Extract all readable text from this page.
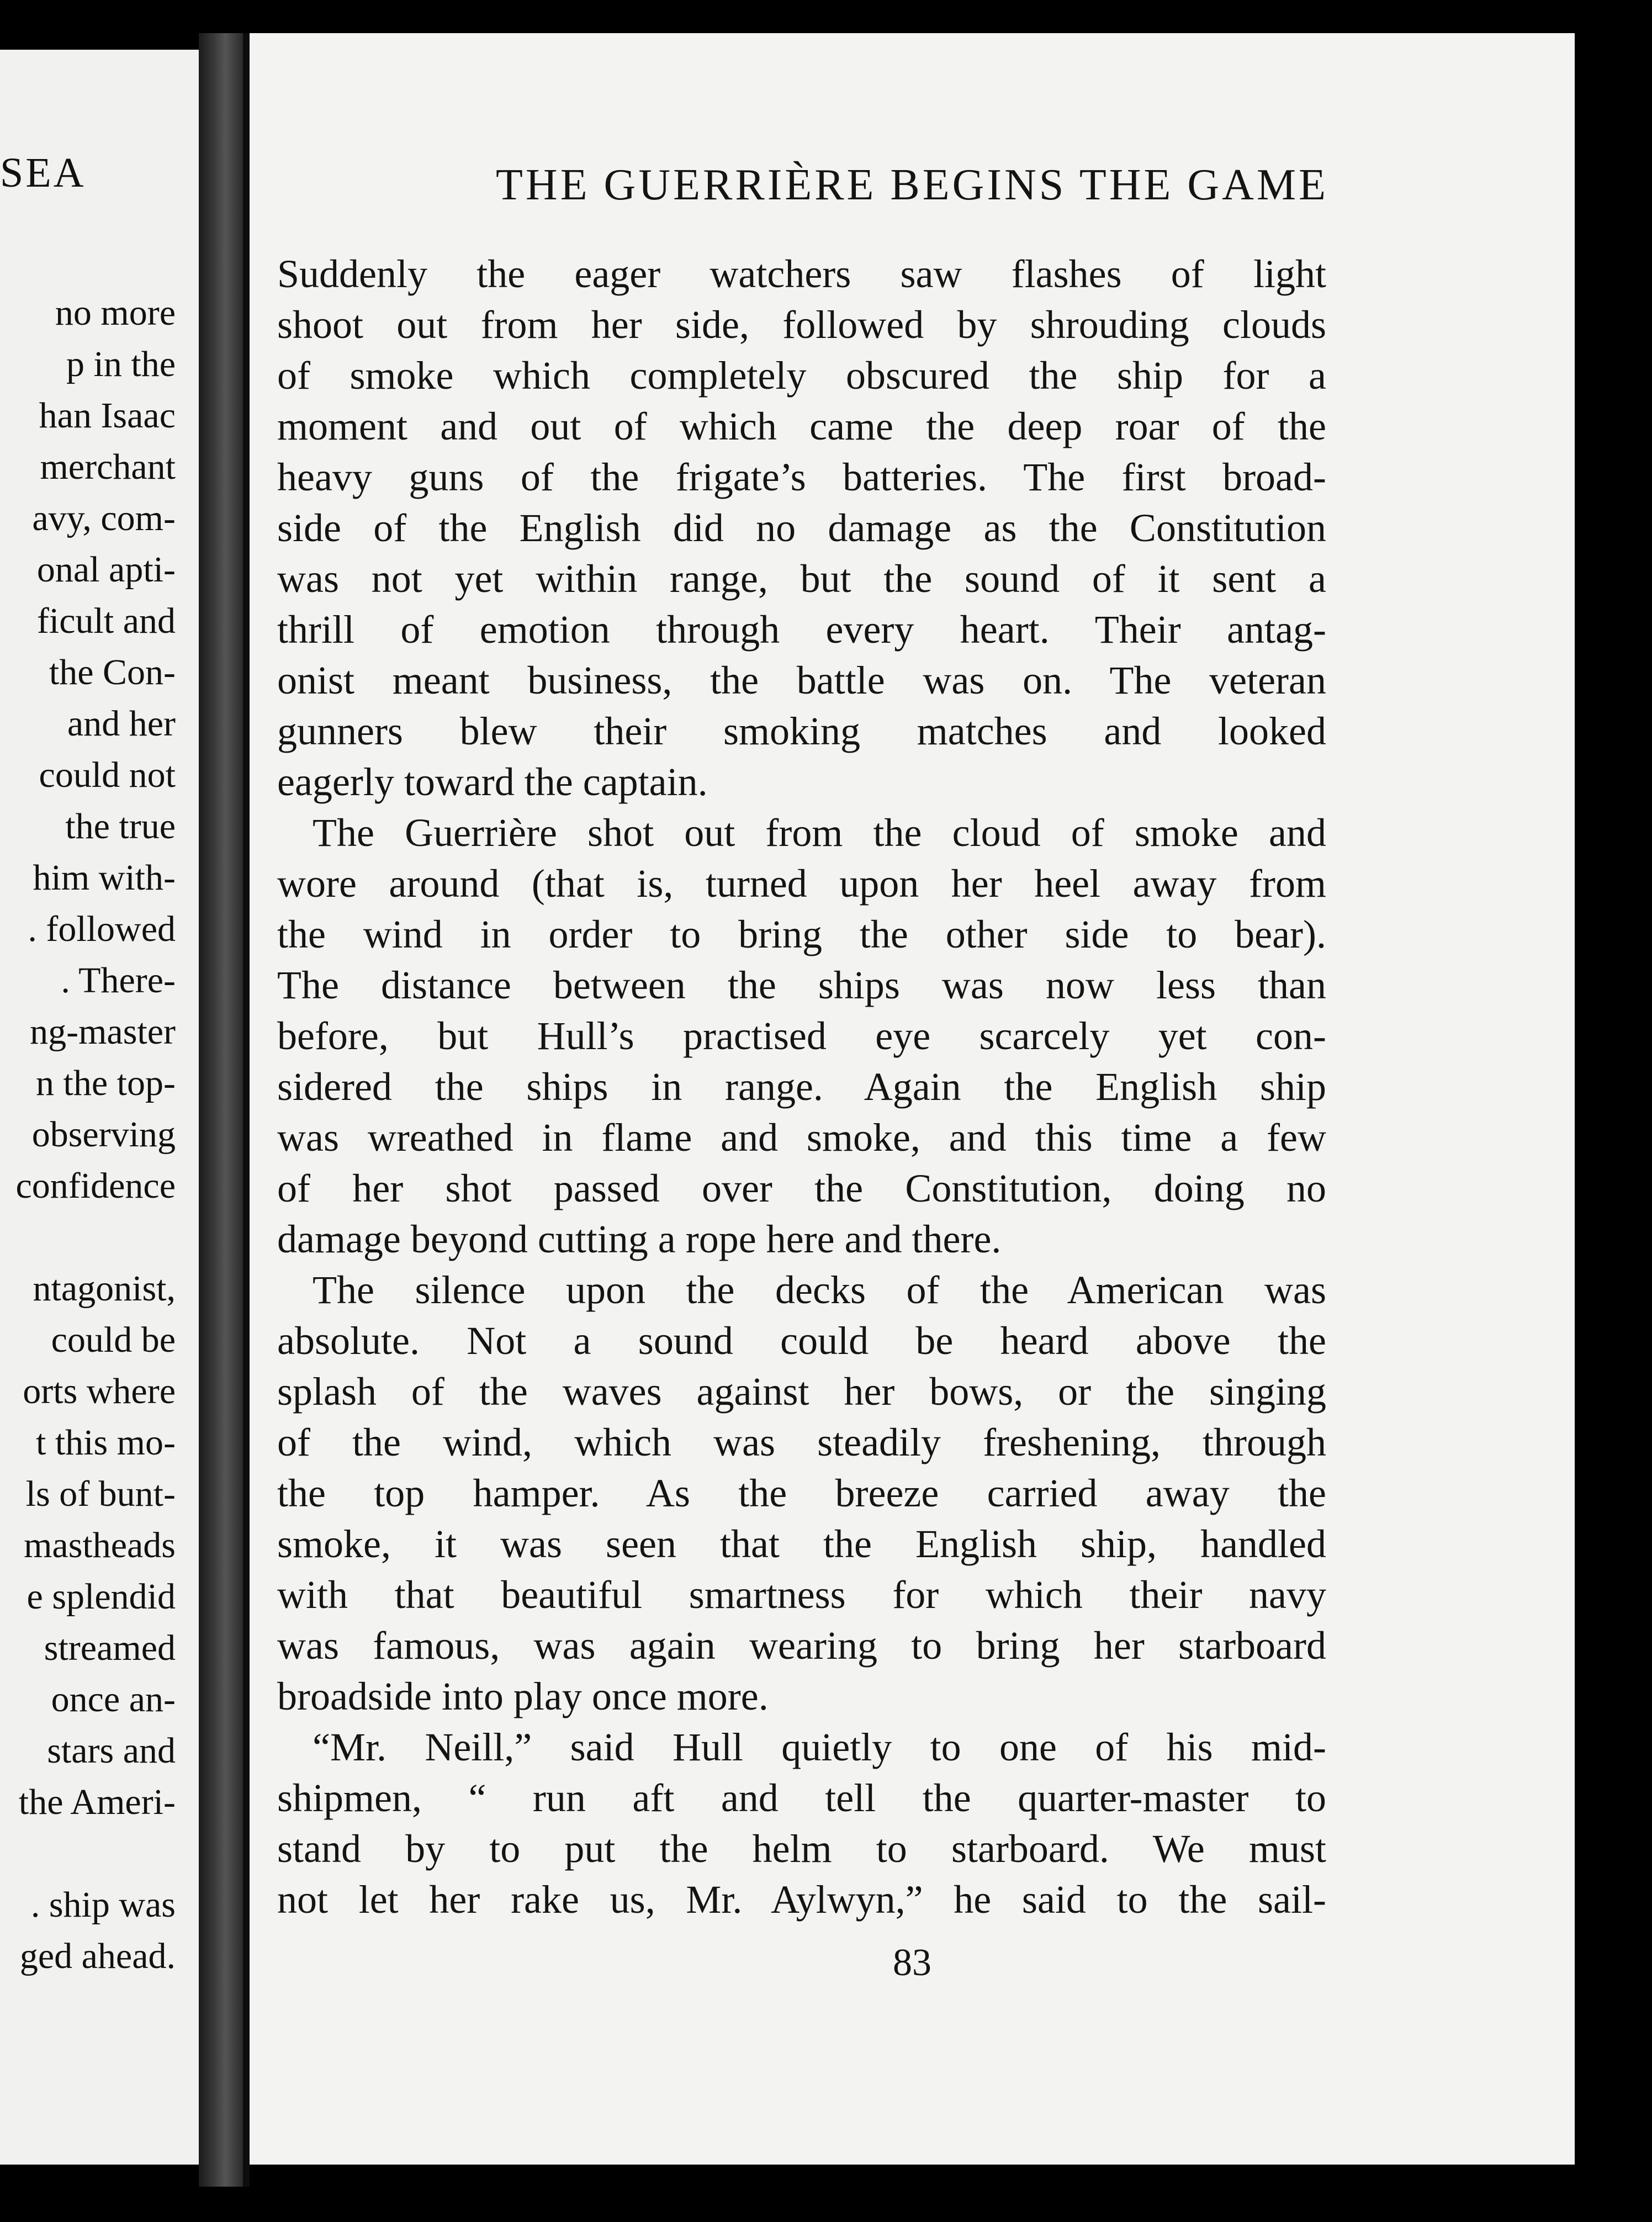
SEA
no more
p in the
han Isaac
merchant
avy, com-
onal apti-
ficult and
the Con-
and her
could not
the true
him with-
. followed
. There-
ng-master
n the top-
observing
confidence
ntagonist,
could be
orts where
t this mo-
ls of bunt-
mastheads
e splendid
streamed
once an-
stars and
the Ameri-
. ship was
ged ahead.
THE GUERRIÈRE BEGINS THE GAME
Suddenly the eager watchers saw flashes of light
shoot out from her side, followed by shrouding clouds
of smoke which completely obscured the ship for a
moment and out of which came the deep roar of the
heavy guns of the frigate’s batteries. The first broad-
side of the English did no damage as the Constitution
was not yet within range, but the sound of it sent a
thrill of emotion through every heart. Their antag-
onist meant business, the battle was on. The veteran
gunners blew their smoking matches and looked
eagerly toward the captain.
The Guerrière shot out from the cloud of smoke and
wore around (that is, turned upon her heel away from
the wind in order to bring the other side to bear).
The distance between the ships was now less than
before, but Hull’s practised eye scarcely yet con-
sidered the ships in range. Again the English ship
was wreathed in flame and smoke, and this time a few
of her shot passed over the Constitution, doing no
damage beyond cutting a rope here and there.
The silence upon the decks of the American was
absolute. Not a sound could be heard above the
splash of the waves against her bows, or the singing
of the wind, which was steadily freshening, through
the top hamper. As the breeze carried away the
smoke, it was seen that the English ship, handled
with that beautiful smartness for which their navy
was famous, was again wearing to bring her starboard
broadside into play once more.
“Mr. Neill,” said Hull quietly to one of his mid-
shipmen, “ run aft and tell the quarter-master to
stand by to put the helm to starboard. We must
not let her rake us, Mr. Aylwyn,” he said to the sail-
83
